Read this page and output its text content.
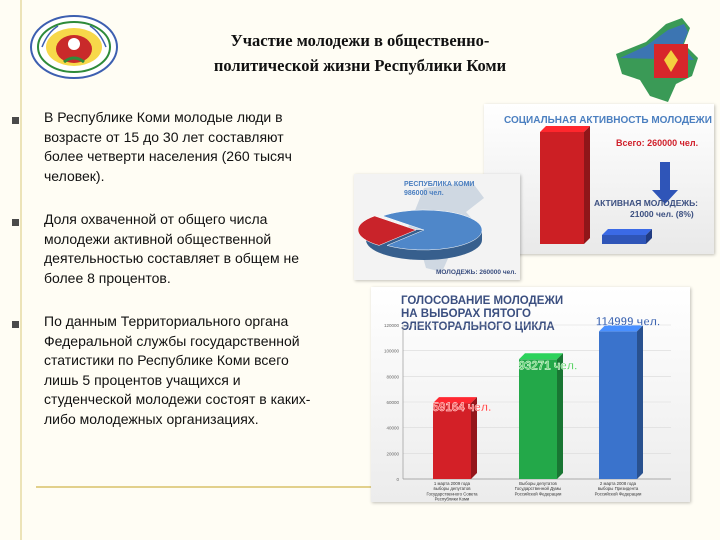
Участие молодежи в общественно-
политической жизни Республики Коми
В Республике Коми молодые люди в
возрасте от 15 до 30 лет составляют
более четверти населения (260 тысяч
человек).
Доля охваченной от общего числа
молодежи активной общественной
деятельностью составляет в общем не
более 8 процентов.
По данным Территориального органа
Федеральной службы государственной
статистики по Республике Коми всего
лишь 5 процентов учащихся и
студенческой молодежи состоят в каких-
либо молодежных организациях.
СОЦИАЛЬНАЯ АКТИВНОСТЬ МОЛОДЕЖИ
Всего: 260000 чел.
АКТИВНАЯ МОЛОДЕЖЬ:
21000 чел. (8%)
РЕСПУБЛИКА КОМИ
986000 чел.
МОЛОДЕЖЬ: 260000 чел.
ГОЛОСОВАНИЕ МОЛОДЕЖИ
НА ВЫБОРАХ ПЯТОГО
ЭЛЕКТОРАЛЬНОГО ЦИКЛА
0
20000
40000
60000
80000
100000
120000
59164 чел.
1 марта 2009 года
выборы депутатов
Государственного Совета
Республики Коми
93271 чел.
Выборы депутатов
Государственной Думы
Российской Федерации
114999 чел.
2 марта 2008 года
выборы Президента
Российской Федерации
